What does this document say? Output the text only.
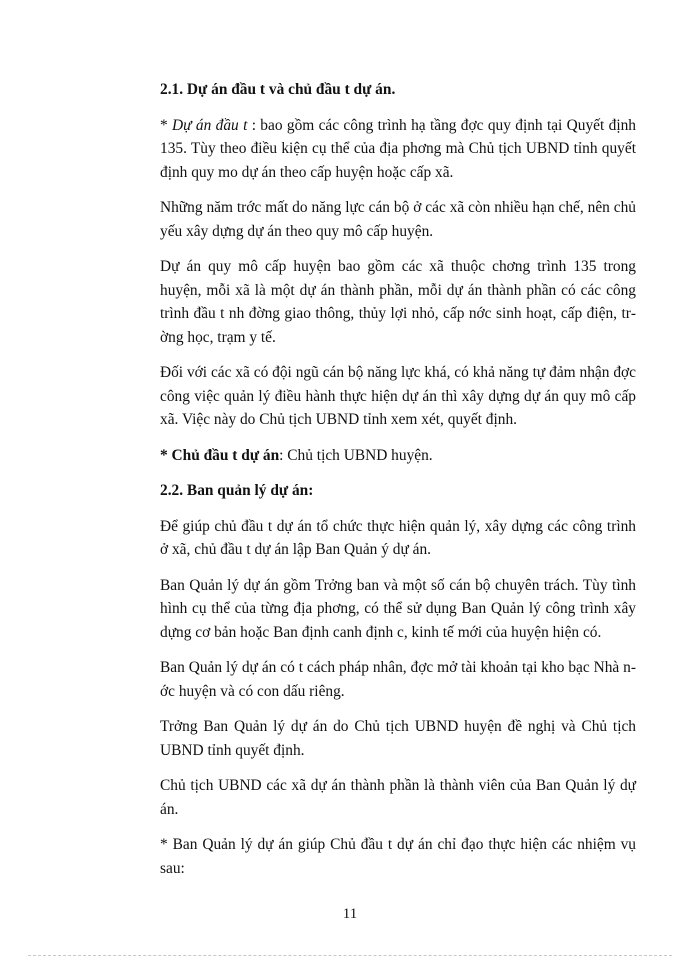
2.1. Dự án đầu t và chủ đầu t dự án.

* Dự án đầu t : bao gồm các công trình hạ tầng đợc quy định tại Quyết định 135. Tùy theo điều kiện cụ thể của địa phơng mà Chủ tịch UBND tỉnh quyết định quy mo dự án theo cấp huyện hoặc cấp xã.

Những năm trớc mất do năng lực cán bộ ở các xã còn nhiều hạn chế, nên chủ yếu xây dựng dự án theo quy mô cấp huyện.

Dự án quy mô cấp huyện bao gồm các xã thuộc chơng trình 135 trong huyện, mỗi xã là một dự án thành phần, mỗi dự án thành phần có các công trình đầu t nh đờng giao thông, thủy lợi nhỏ, cấp nớc sinh hoạt, cấp điện, trờng học, trạm y tế.

Đối với các xã có đội ngũ cán bộ năng lực khá, có khả năng tự đảm nhận đợc công việc quản lý điều hành thực hiện dự án thì xây dựng dự án quy mô cấp xã. Việc này do Chủ tịch UBND tỉnh xem xét, quyết định.

* Chủ đầu t dự án: Chủ tịch UBND huyện.

2.2. Ban quản lý dự án:

Để giúp chủ đầu t dự án tổ chức thực hiện quản lý, xây dựng các công trình ở xã, chủ đầu t dự án lập Ban Quản ý dự án.

Ban Quản lý dự án gồm Trởng ban và một số cán bộ chuyên trách. Tùy tình hình cụ thể của từng địa phơng, có thể sử dụng Ban Quản lý công trình xây dựng cơ bản hoặc Ban định canh định c, kinh tế mới của huyện hiện có.

Ban Quản lý dự án có t cách pháp nhân, đợc mở tài khoản tại kho bạc Nhà nớc huyện và có con dấu riêng.

Trởng Ban Quản lý dự án do Chủ tịch UBND huyện đề nghị và Chủ tịch UBND tỉnh quyết định.

Chủ tịch UBND các xã dự án thành phần là thành viên của Ban Quản lý dự án.

* Ban Quản lý dự án giúp Chủ đầu t dự án chỉ đạo thực hiện các nhiệm vụ sau:

11
